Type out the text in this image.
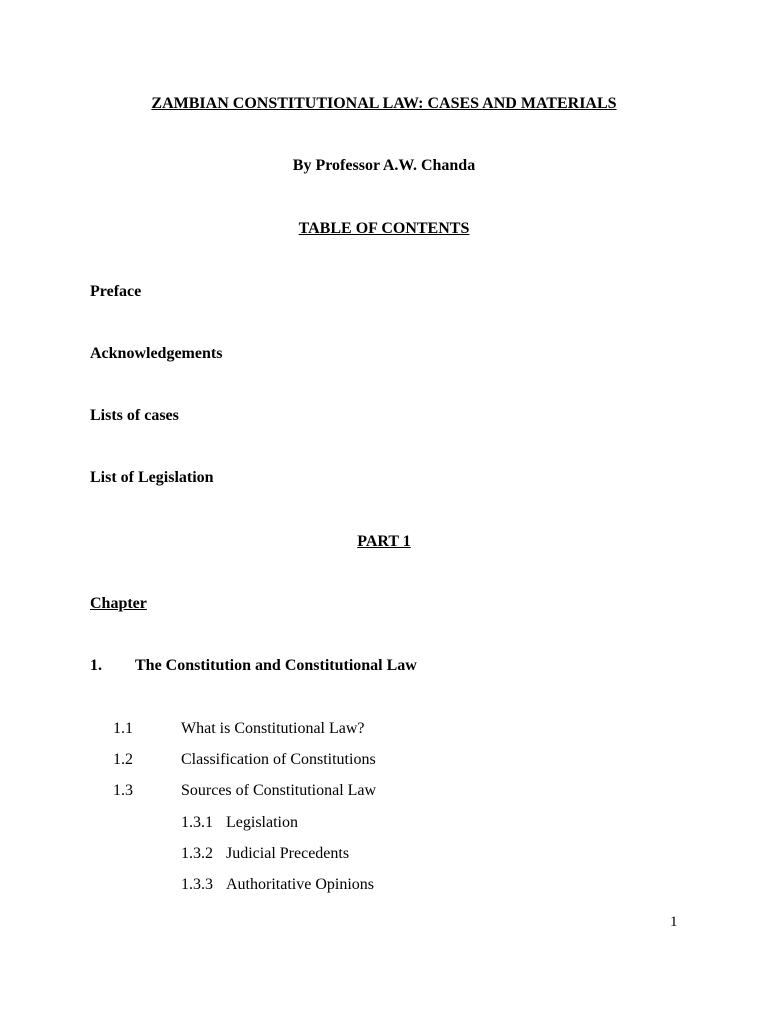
ZAMBIAN CONSTITUTIONAL LAW: CASES AND MATERIALS
By Professor A.W. Chanda
TABLE OF CONTENTS
Preface
Acknowledgements
Lists of cases
List of Legislation
PART 1
Chapter
1. The Constitution and Constitutional Law
1.1	What is Constitutional Law?
1.2	Classification of Constitutions
1.3	Sources of Constitutional Law
1.3.1 Legislation
1.3.2 Judicial Precedents
1.3.3 Authoritative Opinions
1
